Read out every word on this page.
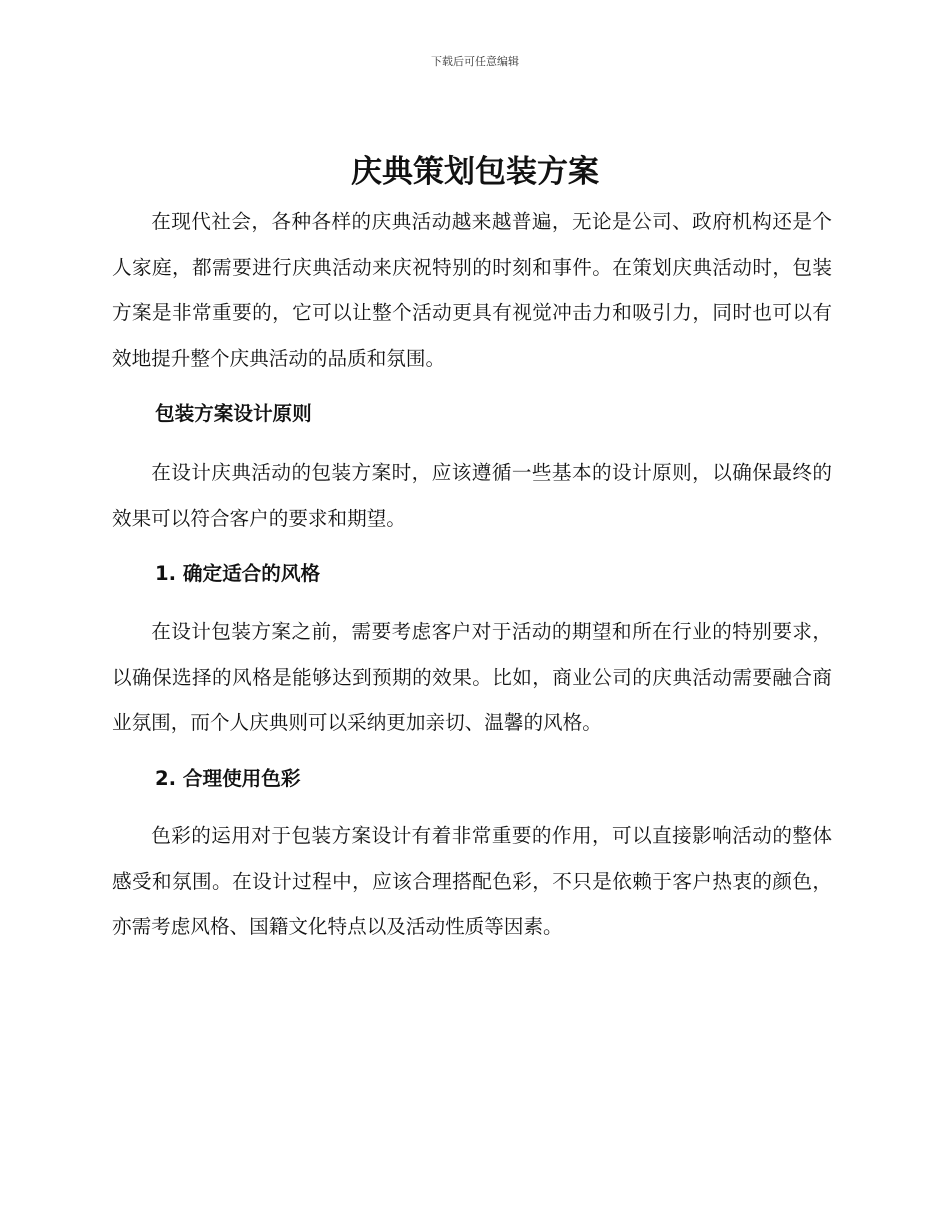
下载后可任意编辑
庆典策划包装方案

在现代社会，各种各样的庆典活动越来越普遍，无论是公司、政府机构还是个人家庭，都需要进行庆典活动来庆祝特别的时刻和事件。在策划庆典活动时，包装方案是非常重要的，它可以让整个活动更具有视觉冲击力和吸引力，同时也可以有效地提升整个庆典活动的品质和氛围。

包装方案设计原则

在设计庆典活动的包装方案时，应该遵循一些基本的设计原则，以确保最终的效果可以符合客户的要求和期望。

1. 确定适合的风格

在设计包装方案之前，需要考虑客户对于活动的期望和所在行业的特别要求，以确保选择的风格是能够达到预期的效果。比如，商业公司的庆典活动需要融合商业氛围，而个人庆典则可以采纳更加亲切、温馨的风格。

2. 合理使用色彩

色彩的运用对于包装方案设计有着非常重要的作用，可以直接影响活动的整体感受和氛围。在设计过程中，应该合理搭配色彩，不只是依赖于客户热衷的颜色，亦需考虑风格、国籍文化特点以及活动性质等因素。
